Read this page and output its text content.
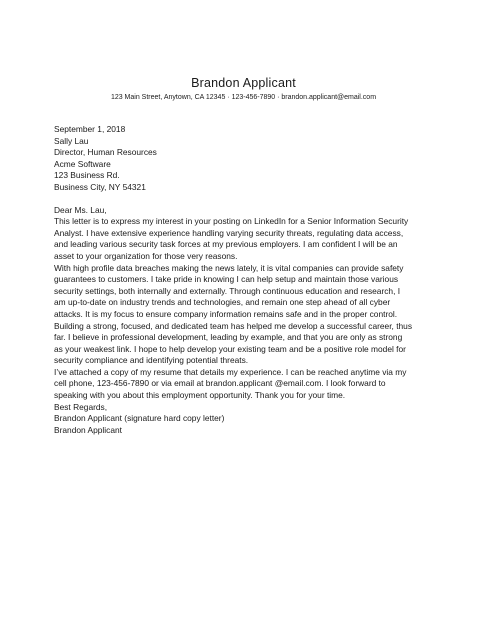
Brandon Applicant
123 Main Street, Anytown, CA 12345 · 123-456-7890 · brandon.applicant@email.com

September 1, 2018

Sally Lau

Director, Human Resources

Acme Software

123 Business Rd.

Business City, NY 54321

Dear Ms. Lau,

This letter is to express my interest in your posting on LinkedIn for a Senior Information Security
Analyst. I have extensive experience handling varying security threats, regulating data access,
and leading various security task forces at my previous employers. I am confident I will be an
asset to your organization for those very reasons.

With high profile data breaches making the news lately, it is vital companies can provide safety
guarantees to customers. I take pride in knowing I can help setup and maintain those various
security settings, both internally and externally. Through continuous education and research, I
am up-to-date on industry trends and technologies, and remain one step ahead of all cyber
attacks. It is my focus to ensure company information remains safe and in the proper control.

Building a strong, focused, and dedicated team has helped me develop a successful career, thus
far. I believe in professional development, leading by example, and that you are only as strong
as your weakest link. I hope to help develop your existing team and be a positive role model for
security compliance and identifying potential threats.

I’ve attached a copy of my resume that details my experience. I can be reached anytime via my
cell phone, 123-456-7890 or via email at brandon.applicant @email.com. I look forward to
speaking with you about this employment opportunity. Thank you for your time.

Best Regards,

Brandon Applicant (signature hard copy letter)

Brandon Applicant
